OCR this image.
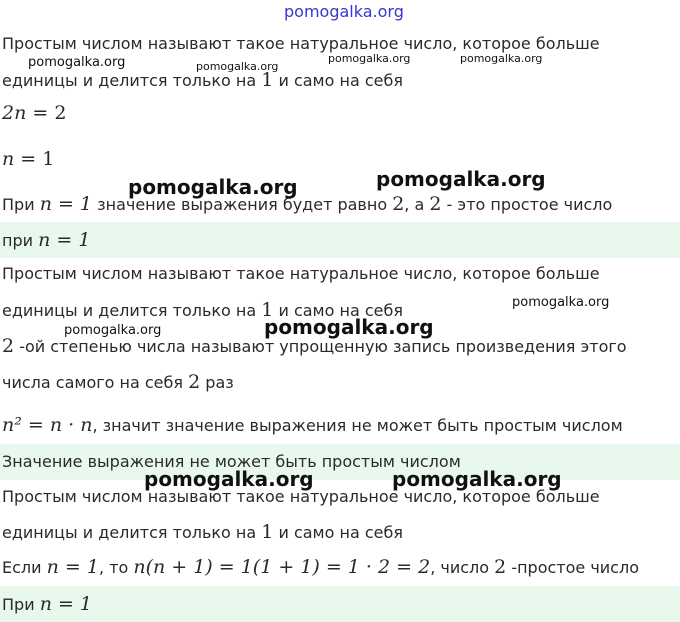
Простым числом называют такое натуральное число, которое больше
единицы и делится только на 1 и само на себя
2n = 2
n = 1
При n = 1 значение выражения будет равно 2, а 2 - это простое число
при n = 1
Простым числом называют такое натуральное число, которое больше
единицы и делится только на 1 и само на себя
2 -ой степенью числа называют упрощенную запись произведения этого
числа самого на себя 2 раз
n² = n · n, значит значение выражения не может быть простым числом
Значение выражения не может быть простым числом
Простым числом называют такое натуральное число, которое больше
единицы и делится только на 1 и само на себя
Если n = 1, то n(n + 1) = 1(1 + 1) = 1 · 2 = 2, число 2 -простое число
При n = 1
pomogalka.org
pomogalka.org	pomogalka.org
pomogalka.org	pomogalka.org
pomogalka.org	pomogalka.org
pomogalka.org
pomogalka.org	pomogalka.org
pomogalka.org	pomogalka.org
